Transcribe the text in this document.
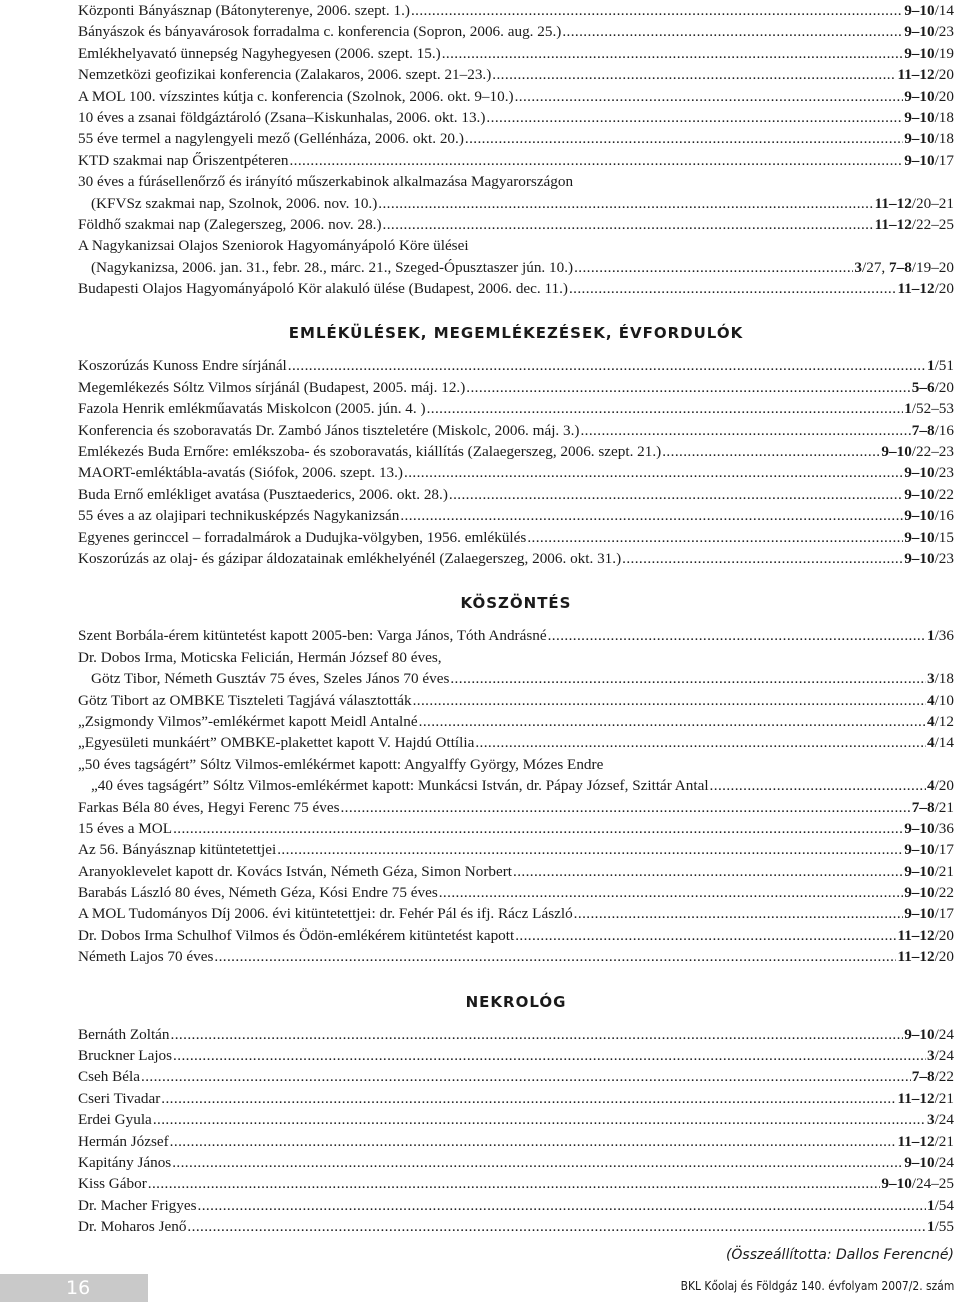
Központi Bányásznap (Bátonyterenye, 2006. szept. 1.) .....	9–10/14
Bányászok és bányavárosok forradalma c. konferencia (Sopron, 2006. aug. 25.) .....	9–10/23
Emlékhelyavató ünnepség Nagyhegyesen (2006. szept. 15.) .....	9–10/19
Nemzetközi geofizikai konferencia (Zalakaros, 2006. szept. 21–23.) .....	11–12/20
A MOL 100. vízszintes kútja c. konferencia (Szolnok, 2006. okt. 9–10.) .....	9–10/20
10 éves a zsanai földgáztároló (Zsana–Kiskunhalas, 2006. okt. 13.) .....	9–10/18
55 éve termel a nagylengyeli mező (Gellénháza, 2006. okt. 20.) .....	9–10/18
KTD szakmai nap Őriszentpéteren .....	9–10/17
30 éves a fúrásellenőrző és irányító műszerkabinok alkalmazása Magyarországon
(KFVSz szakmai nap, Szolnok, 2006. nov. 10.) .....	11–12/20–21
Földhő szakmai nap (Zalegerszeg, 2006. nov. 28.) .....	11–12/22–25
A Nagykanizsai Olajos Szeniorok Hagyományápoló Köre ülései
(Nagykanizsa, 2006. jan. 31., febr. 28., márc. 21., Szeged-Ópusztaszer jún. 10.) .....	3/27, 7–8/19–20
Budapesti Olajos Hagyományápoló Kör alakuló ülése (Budapest, 2006. dec. 11.) .....	11–12/20
EMLÉKÜLÉSEK, MEGEMLÉKEZÉSEK, ÉVFORDULÓK
Koszorúzás Kunoss Endre sírjánál .....	1/51
Megemlékezés Sóltz Vilmos sírjánál (Budapest, 2005. máj. 12.) .....	5–6/20
Fazola Henrik emlékműavatás Miskolcon (2005. jún. 4. ) .....	1/52–53
Konferencia és szoboravatás Dr. Zambó János tiszteletére (Miskolc, 2006. máj. 3.) .....	7–8/16
Emlékezés Buda Ernőre: emlékszoba- és szoboravatás, kiállítás (Zalaegerszeg, 2006. szept. 21.) .....	9–10/22–23
MAORT-emléktábla-avatás (Siófok, 2006. szept. 13.) .....	9–10/23
Buda Ernő emlékliget avatása (Pusztaederics, 2006. okt. 28.) .....	9–10/22
55 éves a az olajipari technikusképzés Nagykanizsán .....	9–10/16
Egyenes gerinccel – forradalmárok a Dudujka-völgyben, 1956. emlékülés .....	9–10/15
Koszorúzás az olaj- és gázipar áldozatainak emlékhelyénél (Zalaegerszeg, 2006. okt. 31.) .....	9–10/23
KÖSZÖNTÉS
Szent Borbála-érem kitüntetést kapott 2005-ben: Varga János, Tóth Andrásné .....	1/36
Dr. Dobos Irma, Moticska Felicián, Hermán József 80 éves,
Götz Tibor, Németh Gusztáv 75 éves, Szeles János 70 éves .....	3/18
Götz Tibort az OMBKE Tiszteleti Tagjává választották .....	4/10
„Zsigmondy Vilmos”-emlékérmet kapott Meidl Antalné .....	4/12
„Egyesületi munkáért” OMBKE-plakettet kapott V. Hajdú Ottília .....	4/14
„50 éves tagságért” Sóltz Vilmos-emlékérmet kapott: Angyalffy György, Mózes Endre
„40 éves tagságért” Sóltz Vilmos-emlékérmet kapott: Munkácsi István, dr. Pápay József, Szittár Antal .....	4/20
Farkas Béla 80 éves, Hegyi Ferenc 75 éves .....	7–8/21
15 éves a MOL .....	9–10/36
Az 56. Bányásznap kitüntetettjei .....	9–10/17
Aranyoklevelet kapott dr. Kovács István, Németh Géza, Simon Norbert .....	9–10/21
Barabás László 80 éves, Németh Géza, Kósi Endre 75 éves .....	9–10/22
A MOL Tudományos Díj 2006. évi kitüntetettjei: dr. Fehér Pál és ifj. Rácz László .....	9–10/17
Dr. Dobos Irma Schulhof Vilmos és Ödön-emlékérem kitüntetést kapott .....	11–12/20
Németh Lajos 70 éves .....	11–12/20
NEKROLÓG
Bernáth Zoltán .....	9–10/24
Bruckner Lajos .....	3/24
Cseh Béla .....	7–8/22
Cseri Tivadar .....	11–12/21
Erdei Gyula .....	3/24
Hermán József .....	11–12/21
Kapitány János .....	9–10/24
Kiss Gábor .....	9–10/24–25
Dr. Macher Frigyes .....	1/54
Dr. Moharos Jenő .....	1/55
(Összeállította: Dallos Ferencné)
16	BKL Kőolaj és Földgáz 140. évfolyam 2007/2. szám
